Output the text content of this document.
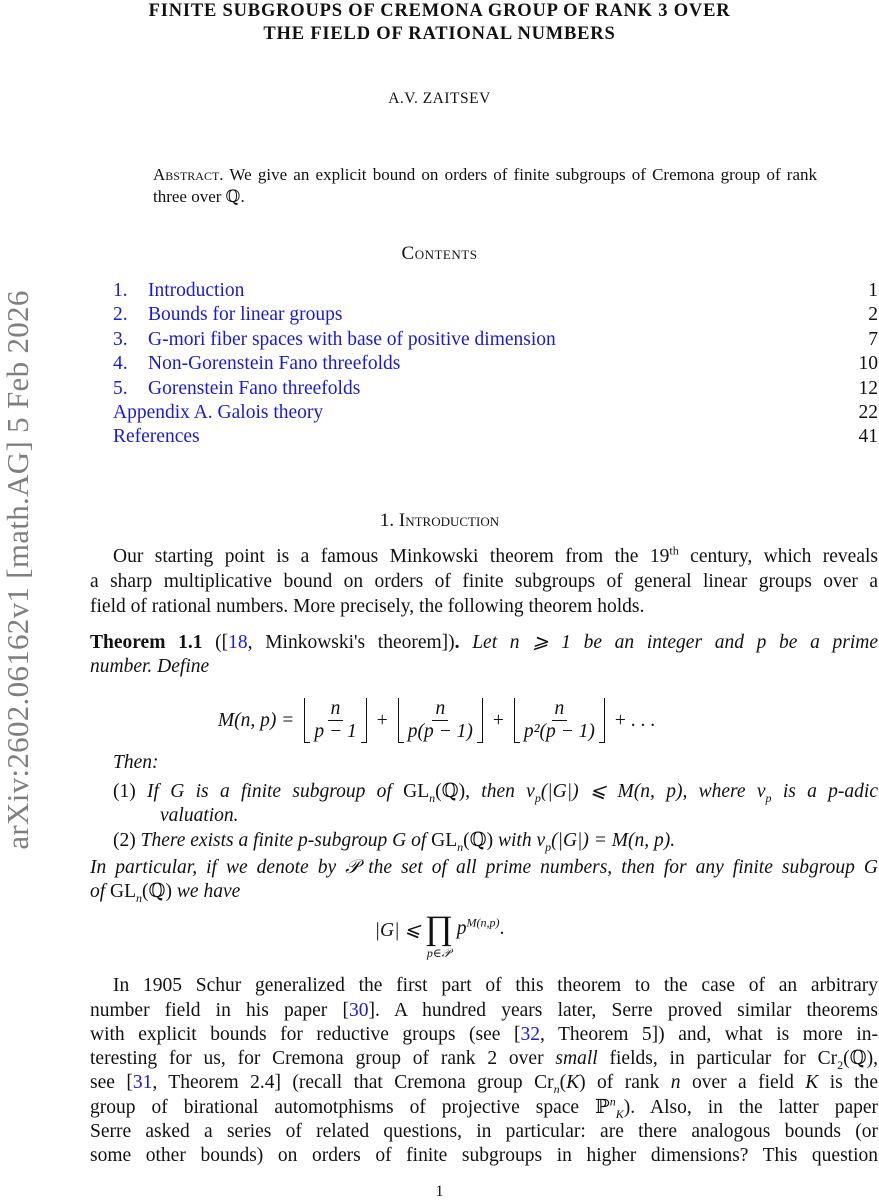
arXiv:2602.06162v1 [math.AG] 5 Feb 2026
FINITE SUBGROUPS OF CREMONA GROUP OF RANK 3 OVER
THE FIELD OF RATIONAL NUMBERS
A.V. ZAITSEV
Abstract. We give an explicit bound on orders of finite subgroups of Cremona group of rank three over ℚ.
Contents
1.	Introduction	1
2.	Bounds for linear groups	2
3.	G-mori fiber spaces with base of positive dimension	7
4.	Non-Gorenstein Fano threefolds	10
5.	Gorenstein Fano threefolds	12
Appendix A. Galois theory	22
References	41
1. Introduction
Our starting point is a famous Minkowski theorem from the 19th century, which reveals
a sharp multiplicative bound on orders of finite subgroups of general linear groups over a
field of rational numbers. More precisely, the following theorem holds.
Theorem 1.1 ([18, Minkowski's theorem]). Let n ⩾ 1 be an integer and p be a prime
number. Define
Then:
(1) If G is a finite subgroup of $GL_n(ℚ)$, then $\nu_p(|G|)$ ⩽ M(n, p), where $\nu_p$ is a p-adic
valuation.
(2) There exists a finite p-subgroup G of $GL_n(ℚ)$ with $\nu_p(|G|) = M(n$, p).
In particular, if we denote by 𝒫 the set of all prime numbers, then for any finite subgroup G
of $GL_n(ℚ)$ we have
In 1905 Schur generalized the first part of this theorem to the case of an arbitrary
number field in his paper [30]. A hundred years later, Serre proved similar theorems
with explicit bounds for reductive groups (see [32, Theorem 5]) and, what is more in-
teresting for us, for Cremona group of rank 2 over small fields, in particular for $Cr_2(ℚ)$,
see [31, Theorem 2.4] (recall that Cremona group $Cr_n(K)$ of rank n over a field K is the
group of birational automotphisms of projective space ℙ$^n_K$). Also, in the latter paper
Serre asked a series of related questions, in particular: are there analogous bounds (or
some other bounds) on orders of finite subgroups in higher dimensions? This question
M(n, $p) = \frac{n}{p - 1} + \frac{n}{p(p - 1)} + \frac{n}{\text{p²(p − 1)}}$ + . . .
|G| ⩽ ∏
p∈𝒫
$p^{M(n,p)}$.
1
